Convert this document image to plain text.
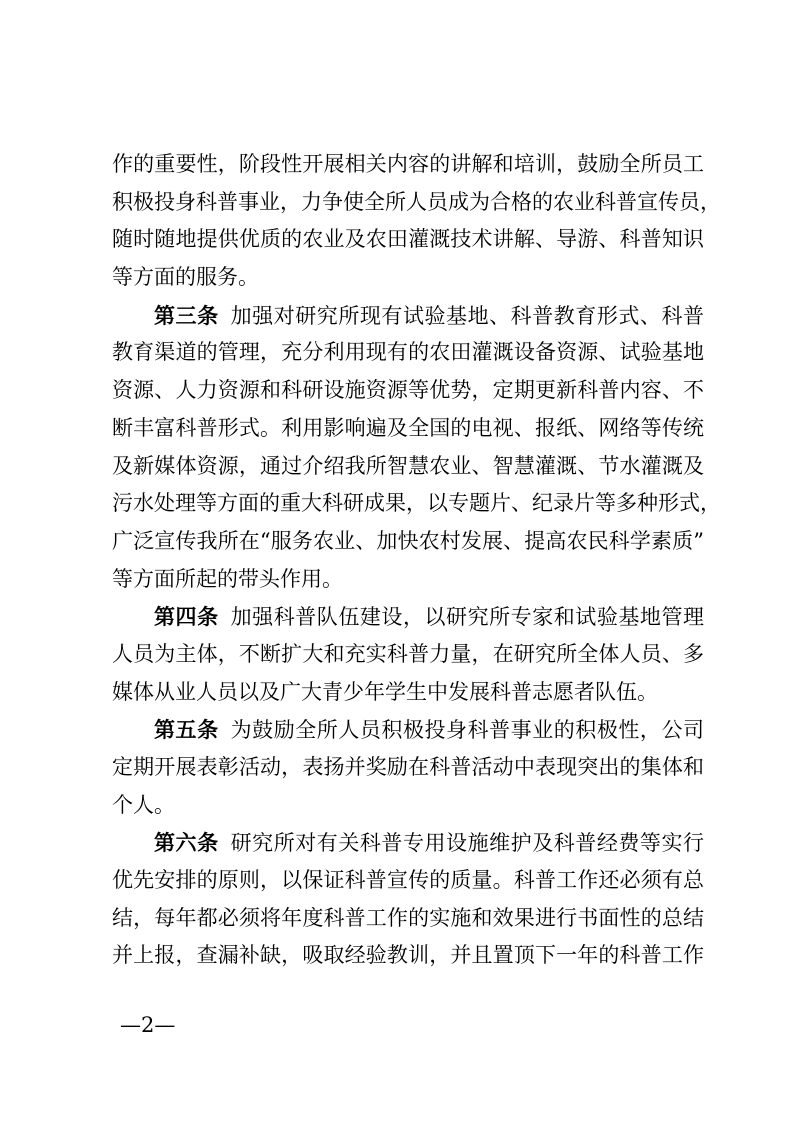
作的重要性，阶段性开展相关内容的讲解和培训，鼓励全所员工
积极投身科普事业，力争使全所人员成为合格的农业科普宣传员，
随时随地提供优质的农业及农田灌溉技术讲解、导游、科普知识
等方面的服务。
第三条 加强对研究所现有试验基地、科普教育形式、科普
教育渠道的管理，充分利用现有的农田灌溉设备资源、试验基地
资源、人力资源和科研设施资源等优势，定期更新科普内容、不
断丰富科普形式。利用影响遍及全国的电视、报纸、网络等传统
及新媒体资源，通过介绍我所智慧农业、智慧灌溉、节水灌溉及
污水处理等方面的重大科研成果，以专题片、纪录片等多种形式，
广泛宣传我所在“服务农业、加快农村发展、提高农民科学素质”
等方面所起的带头作用。
第四条 加强科普队伍建设，以研究所专家和试验基地管理
人员为主体，不断扩大和充实科普力量，在研究所全体人员、多
媒体从业人员以及广大青少年学生中发展科普志愿者队伍。
第五条 为鼓励全所人员积极投身科普事业的积极性，公司
定期开展表彰活动，表扬并奖励在科普活动中表现突出的集体和
个人。
第六条 研究所对有关科普专用设施维护及科普经费等实行
优先安排的原则，以保证科普宣传的质量。科普工作还必须有总
结，每年都必须将年度科普工作的实施和效果进行书面性的总结
并上报，查漏补缺，吸取经验教训，并且置顶下一年的科普工作
—2—
